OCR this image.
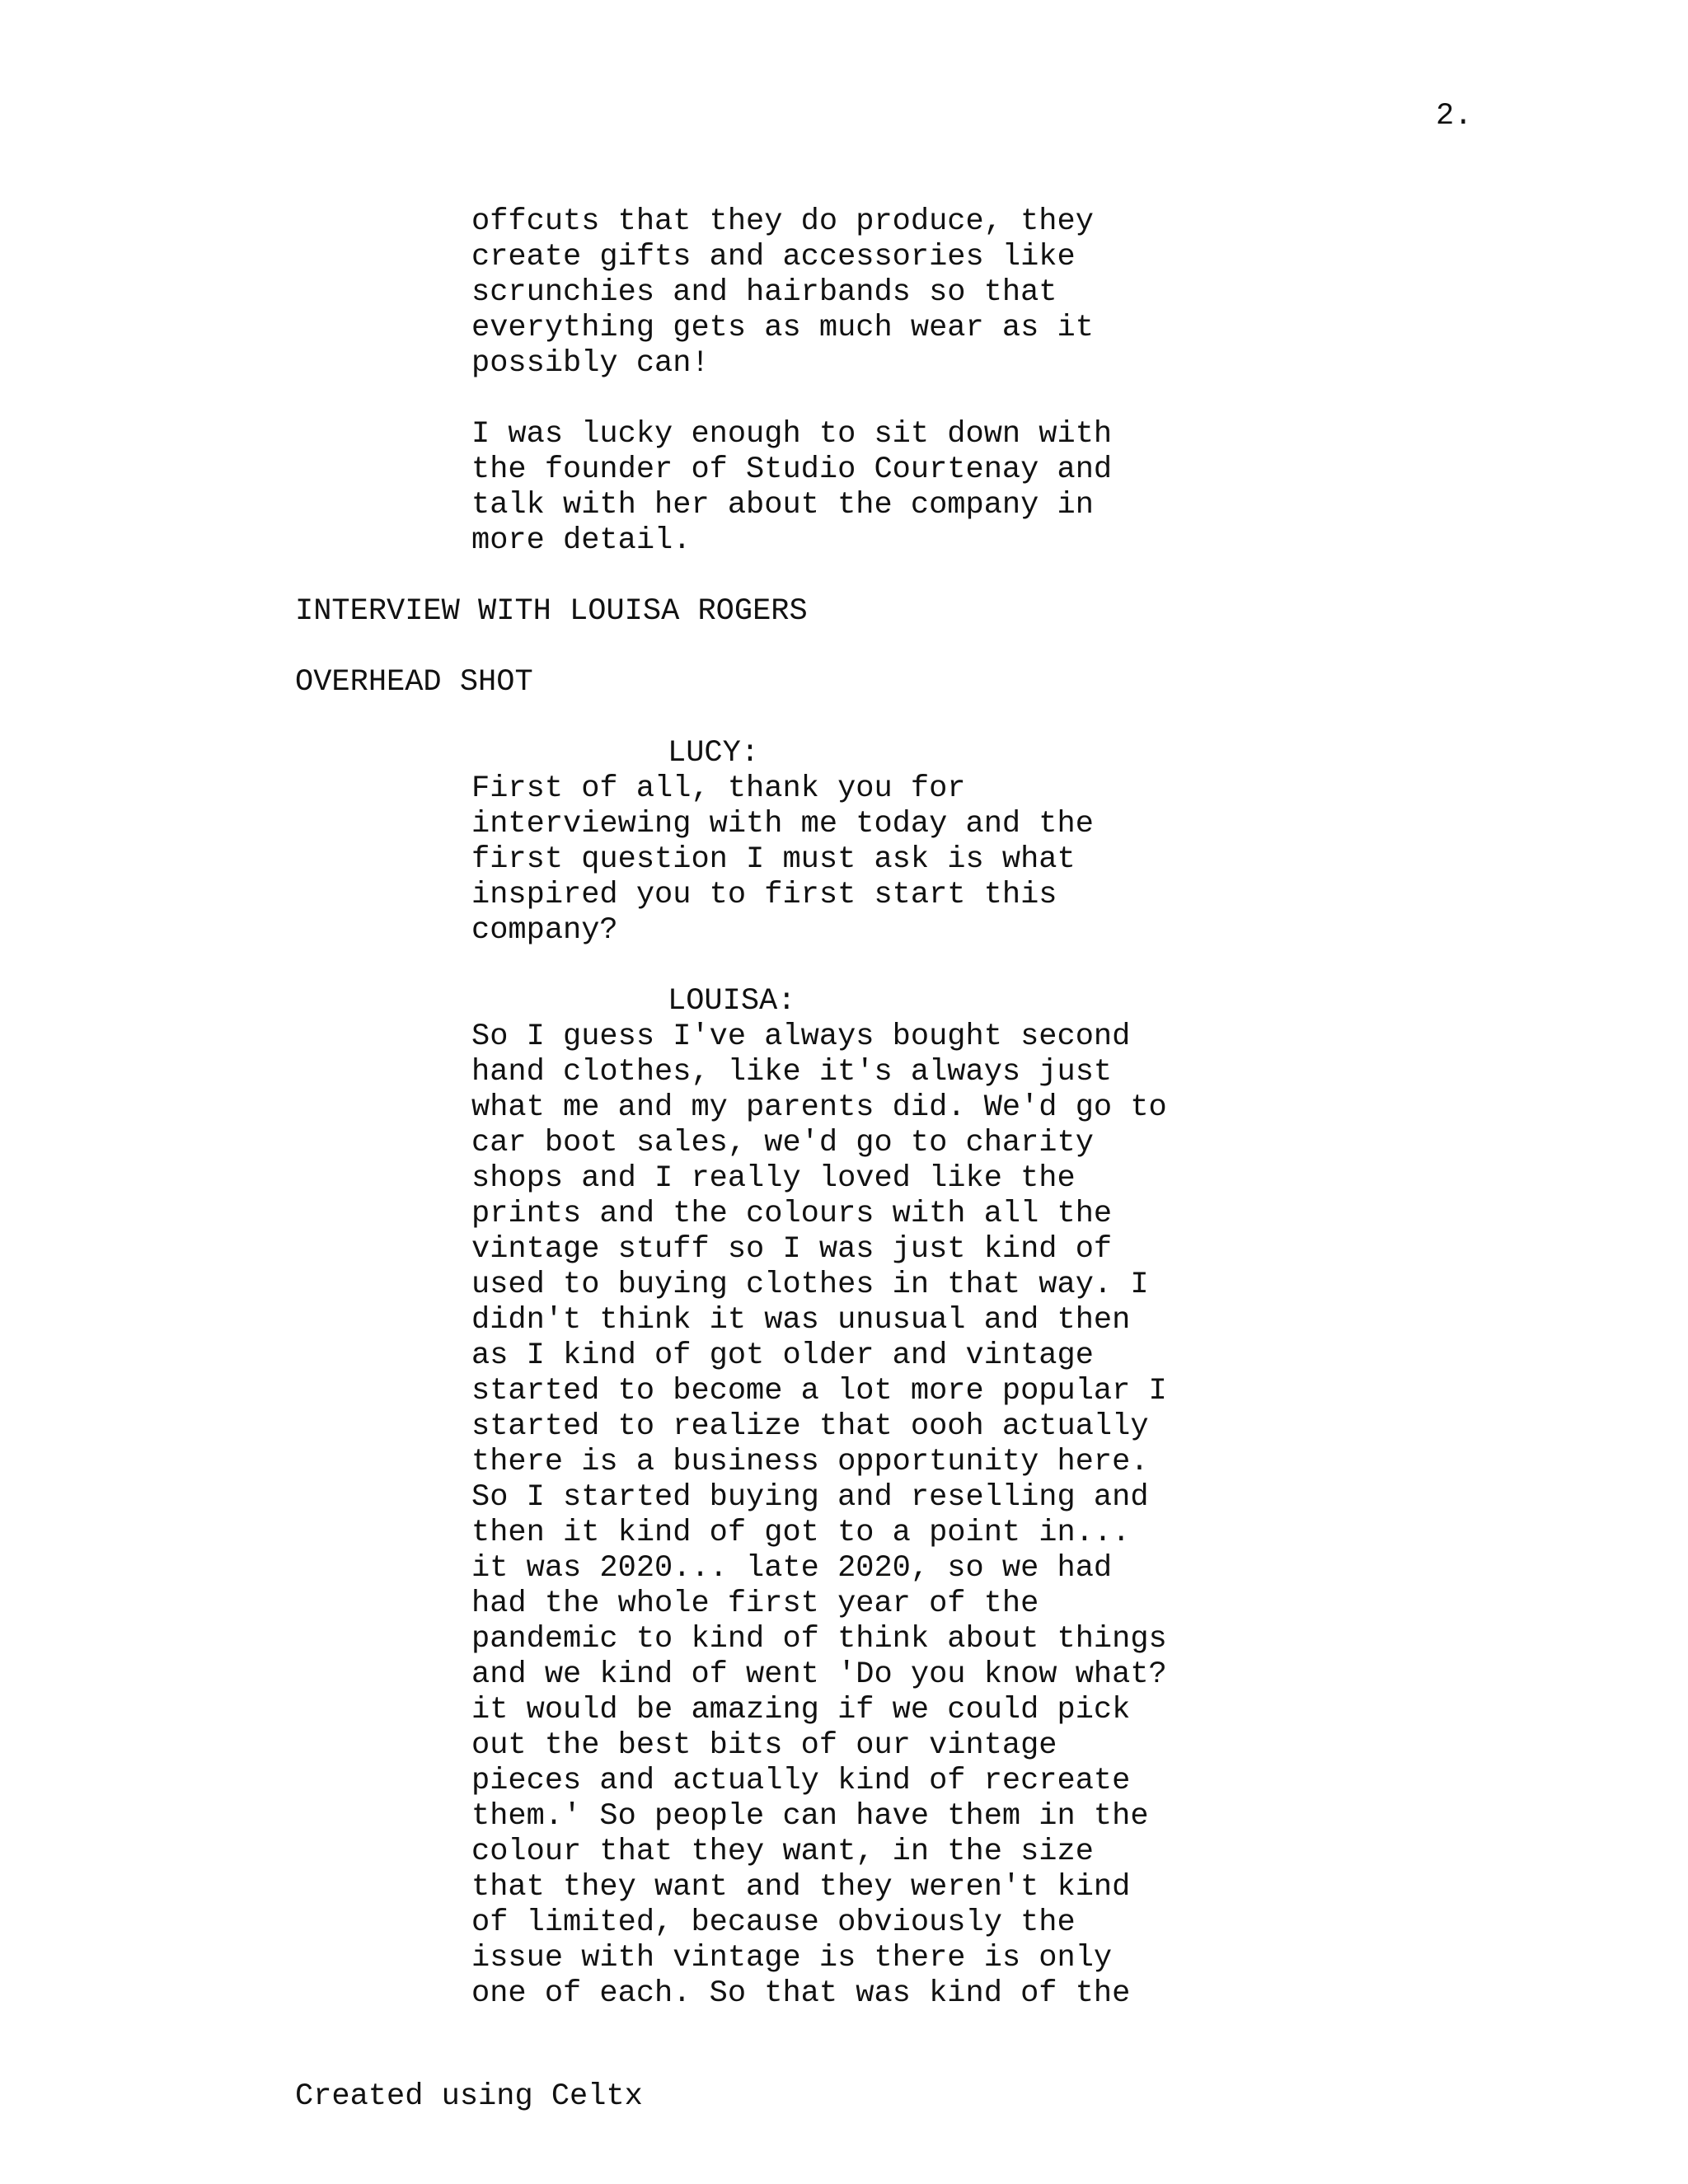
2.
offcuts that they do produce, they
create gifts and accessories like
scrunchies and hairbands so that
everything gets as much wear as it
possibly can!
I was lucky enough to sit down with
the founder of Studio Courtenay and
talk with her about the company in
more detail.
INTERVIEW WITH LOUISA ROGERS
OVERHEAD SHOT
LUCY:
First of all, thank you for
interviewing with me today and the
first question I must ask is what
inspired you to first start this
company?
LOUISA:
So I guess I've always bought second
hand clothes, like it's always just
what me and my parents did. We'd go to
car boot sales, we'd go to charity
shops and I really loved like the
prints and the colours with all the
vintage stuff so I was just kind of
used to buying clothes in that way. I
didn't think it was unusual and then
as I kind of got older and vintage
started to become a lot more popular I
started to realize that oooh actually
there is a business opportunity here.
So I started buying and reselling and
then it kind of got to a point in...
it was 2020... late 2020, so we had
had the whole first year of the
pandemic to kind of think about things
and we kind of went 'Do you know what?
it would be amazing if we could pick
out the best bits of our vintage
pieces and actually kind of recreate
them.' So people can have them in the
colour that they want, in the size
that they want and they weren't kind
of limited, because obviously the
issue with vintage is there is only
one of each. So that was kind of the
Created using Celtx
